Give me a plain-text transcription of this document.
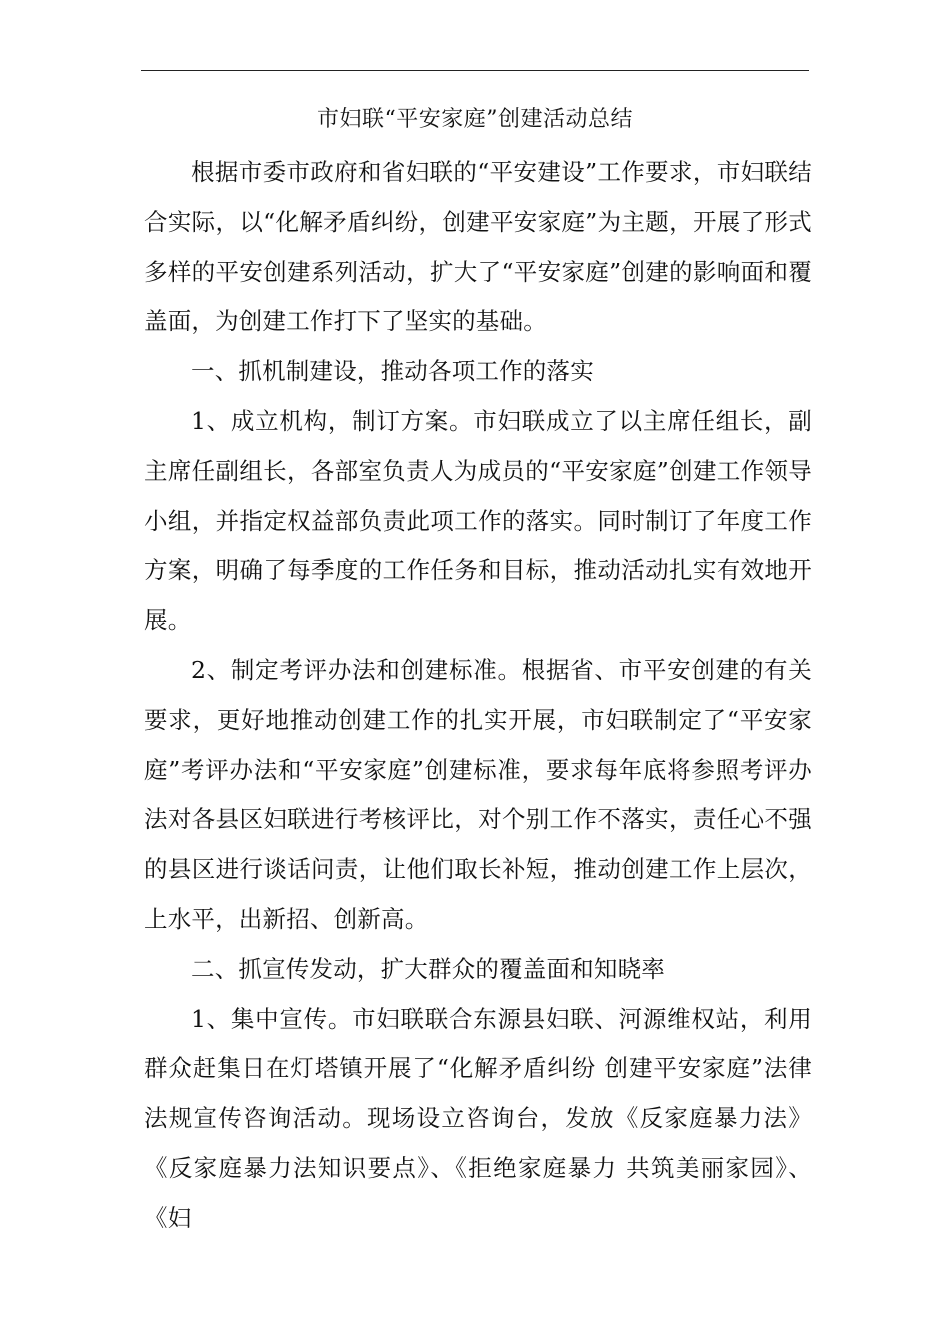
市妇联“平安家庭”创建活动总结

根据市委市政府和省妇联的“平安建设”工作要求，市妇联结合实际，以“化解矛盾纠纷，创建平安家庭”为主题，开展了形式多样的平安创建系列活动，扩大了“平安家庭”创建的影响面和覆盖面，为创建工作打下了坚实的基础。

一、抓机制建设，推动各项工作的落实

1、成立机构，制订方案。市妇联成立了以主席任组长，副主席任副组长，各部室负责人为成员的“平安家庭”创建工作领导小组，并指定权益部负责此项工作的落实。同时制订了年度工作方案，明确了每季度的工作任务和目标，推动活动扎实有效地开展。

2、制定考评办法和创建标准。根据省、市平安创建的有关要求，更好地推动创建工作的扎实开展，市妇联制定了“平安家庭”考评办法和“平安家庭”创建标准，要求每年底将参照考评办法对各县区妇联进行考核评比，对个别工作不落实，责任心不强的县区进行谈话问责，让他们取长补短，推动创建工作上层次，上水平，出新招、创新高。

二、抓宣传发动，扩大群众的覆盖面和知晓率

1、集中宣传。市妇联联合东源县妇联、河源维权站，利用群众赶集日在灯塔镇开展了“化解矛盾纠纷 创建平安家庭”法律法规宣传咨询活动。现场设立咨询台，发放《反家庭暴力法》《反家庭暴力法知识要点》、《拒绝家庭暴力 共筑美丽家园》、《妇
